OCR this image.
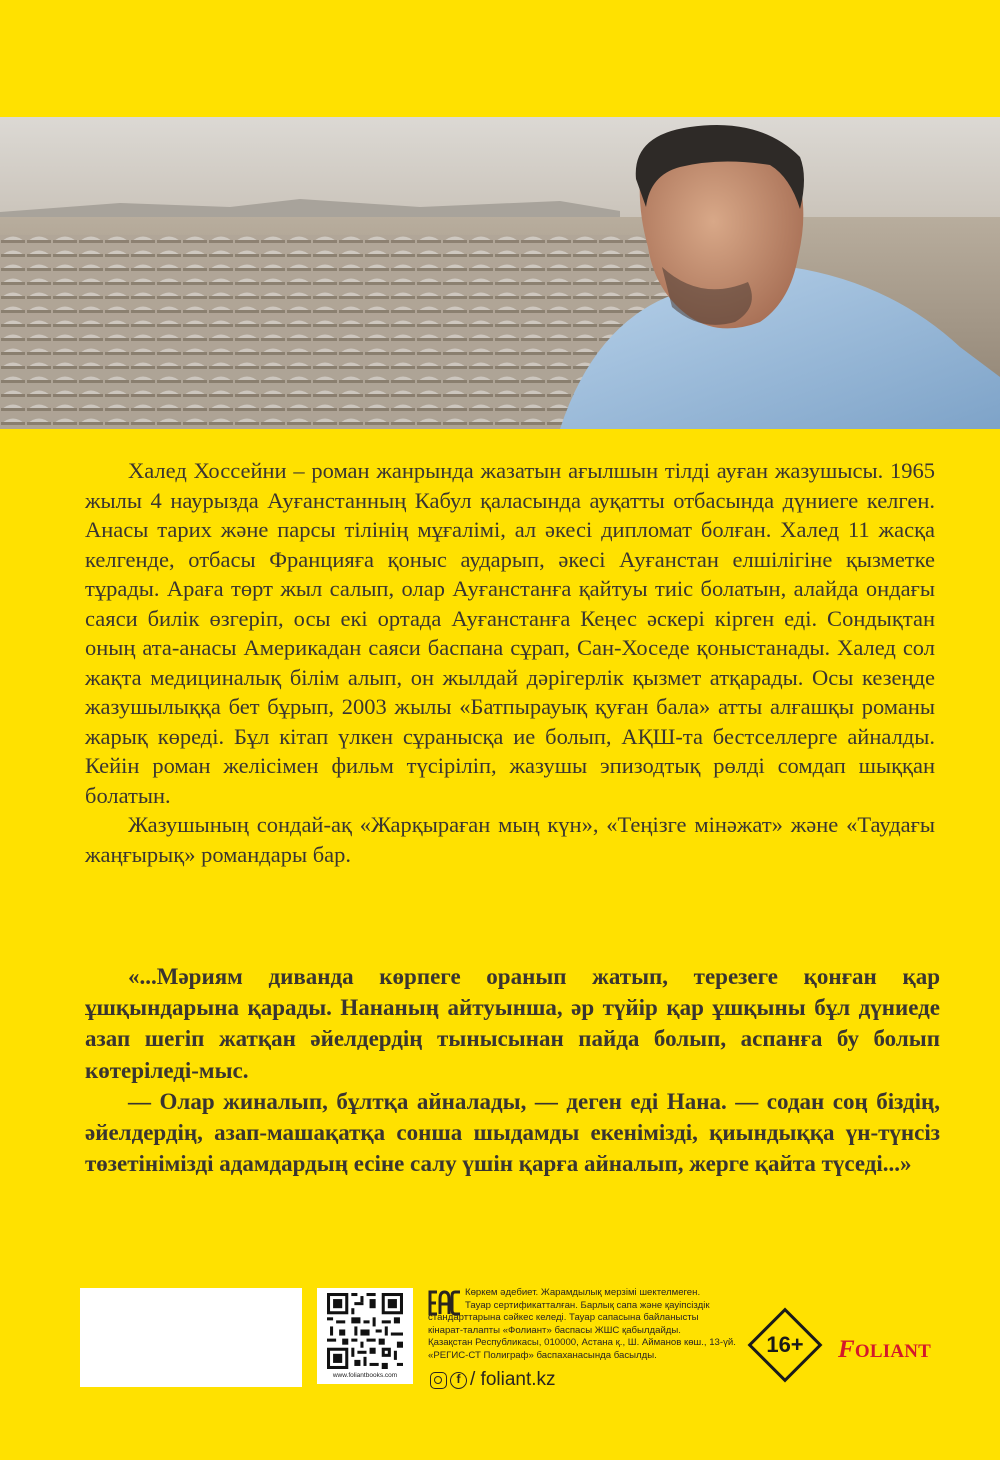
Халед Хоссейни – роман жанрында жазатын ағылшын тілді ауған жазушысы. 1965 жылы 4 наурызда Ауғанстанның Кабул қаласында ауқатты отбасында дүниеге келген. Анасы тарих және парсы тілінің мұғалімі, ал әкесі дипломат болған. Халед 11 жасқа келгенде, отбасы Францияға қоныс аударып, әкесі Ауғанстан елшілігіне қызметке тұрады. Араға төрт жыл салып, олар Ауғанстанға қайтуы тиіс болатын, алайда ондағы саяси билік өзгеріп, осы екі ортада Ауғанстанға Кеңес әскері кірген еді. Сондықтан оның ата-анасы Америкадан саяси баспана сұрап, Сан-Хоседе қоныстанады. Халед сол жақта медициналық білім алып, он жылдай дәрігерлік қызмет атқарады. Осы кезеңде жазушылыққа бет бұрып, 2003 жылы «Батпырауық қуған бала» атты алғашқы романы жарық көреді. Бұл кітап үлкен сұранысқа ие болып, АҚШ-та бестселлерге айналды. Кейін роман желісімен фильм түсіріліп, жазушы эпизодтық рөлді сомдап шыққан болатын.

Жазушының сондай-ақ «Жарқыраған мың күн», «Теңізге мінәжат» және «Таудағы жаңғырық» романдары бар.

«...Мәриям диванда көрпеге оранып жатып, терезеге қонған қар ұшқындарына қарады. Нананың айтуынша, әр түйір қар ұшқыны бұл дүниеде азап шегіп жатқан әйелдердің тынысынан пайда болып, аспанға бу болып көтеріледі-мыс.

— Олар жиналып, бұлтқа айналады, — деген еді Нана. — содан соң біздің, әйелдердің, азап-машақатқа сонша шыдамды екенімізді, қиындыққа үн-түнсіз төзетінімізді адамдардың есіне салу үшін қарға айналып, жерге қайта түседі...»

www.foliantbooks.com
EAC	Көркем әдебиет. Жарамдылық мерзімі шектелмеген.
Тауар сертификатталған. Барлық сапа және қауіпсіздік
стандарттарына сәйкес келеді. Тауар сапасына байланысты
кінарат-талапты «Фолиант» баспасы ЖШС қабылдайды.
Қазақстан Республикасы, 010000, Астана қ., Ш. Айманов көш., 13-үй.
«РЕГИС-СТ Полиграф» баспаханасында басылды.
f / foliant.kz
16+	FOLIANT
